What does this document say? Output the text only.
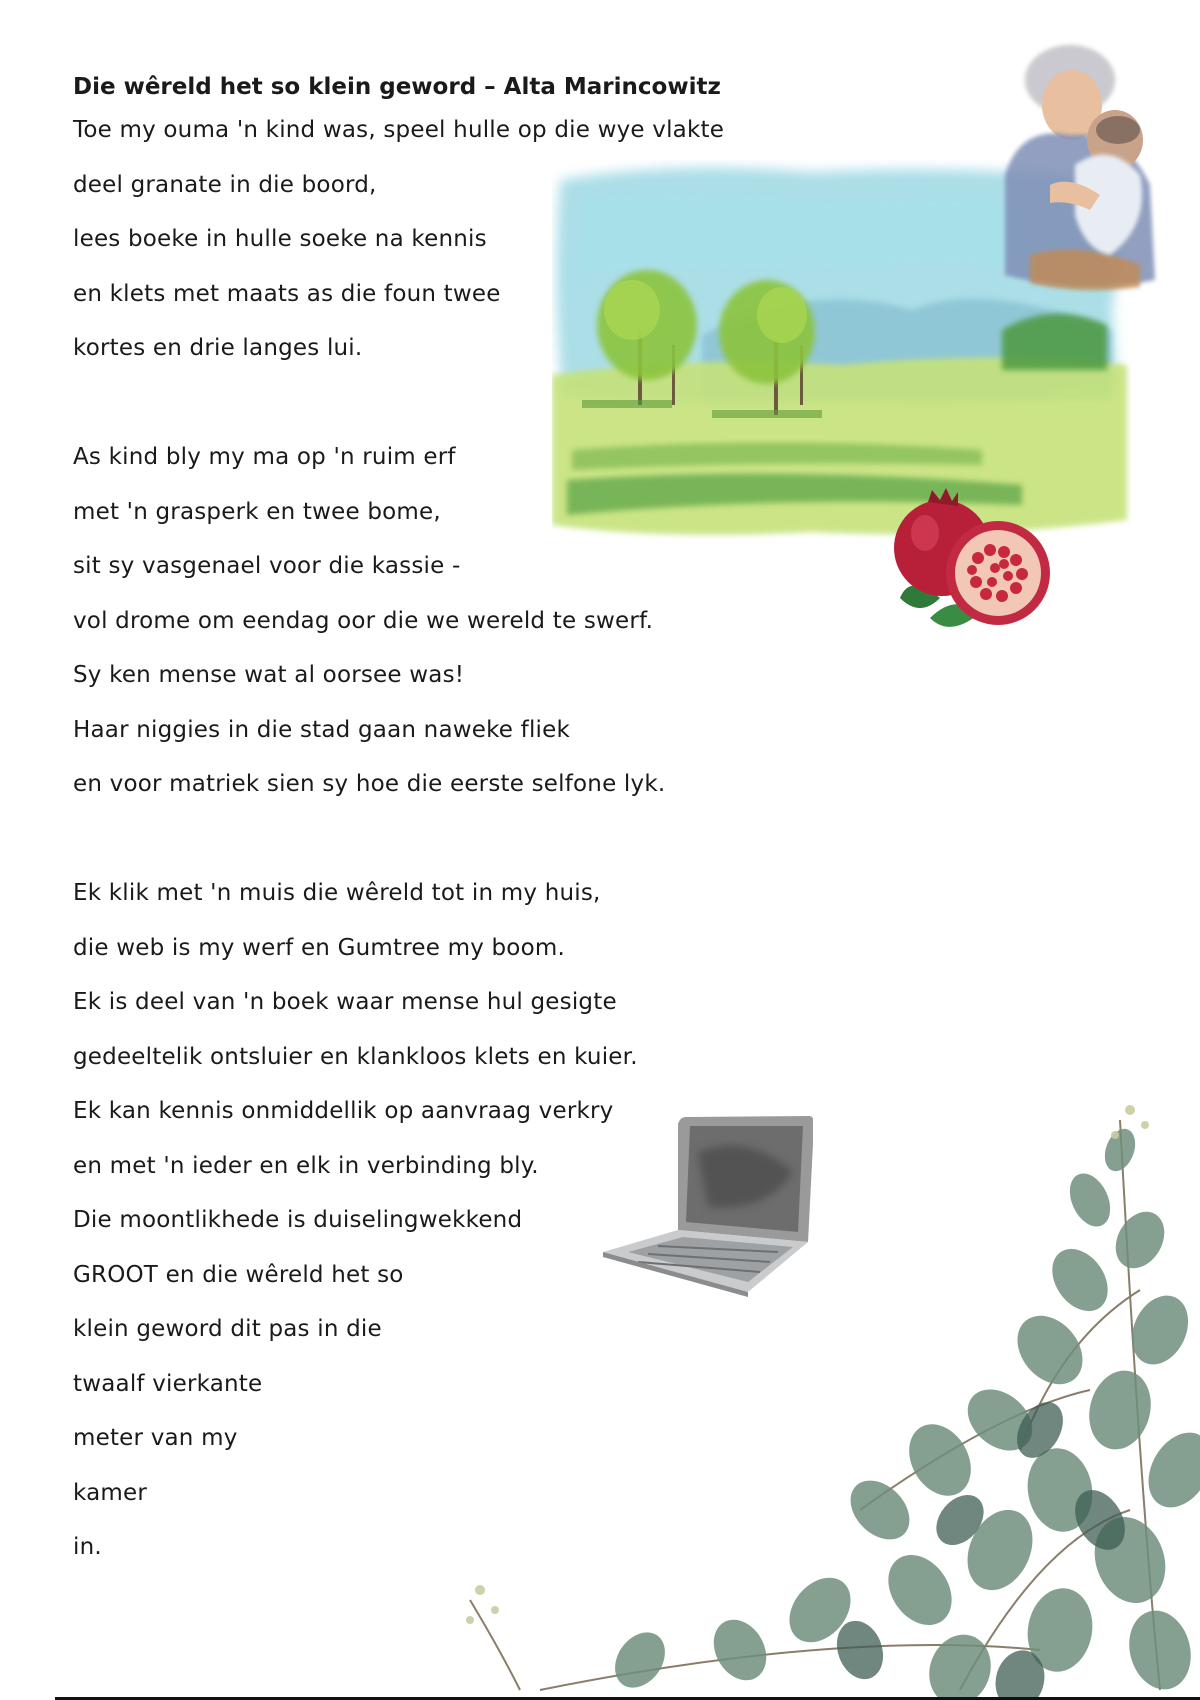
Die wêreld het so klein geword – Alta Marincowitz
Toe my ouma 'n kind was, speel hulle op die wye vlakte
deel granate in die boord,
lees boeke in hulle soeke na kennis
en klets met maats as die foun twee
kortes en drie langes lui.
As kind bly my ma op 'n ruim erf
met 'n grasperk en twee bome,
sit sy vasgenael voor die kassie -
vol drome om eendag oor die we wereld te swerf.
Sy ken mense wat al oorsee was!
Haar niggies in die stad gaan naweke fliek
en voor matriek sien sy hoe die eerste selfone lyk.
Ek klik met 'n muis die wêreld tot in my huis,
die web is my werf en Gumtree my boom.
Ek is deel van 'n boek waar mense hul gesigte
gedeeltelik ontsluier en klankloos klets en kuier.
Ek kan kennis onmiddellik op aanvraag verkry
en met 'n ieder en elk in verbinding bly.
Die moontlikhede is duiselingwekkend
GROOT en die wêreld het so
klein geword dit pas in die
twaalf vierkante
meter van my
kamer
in.
